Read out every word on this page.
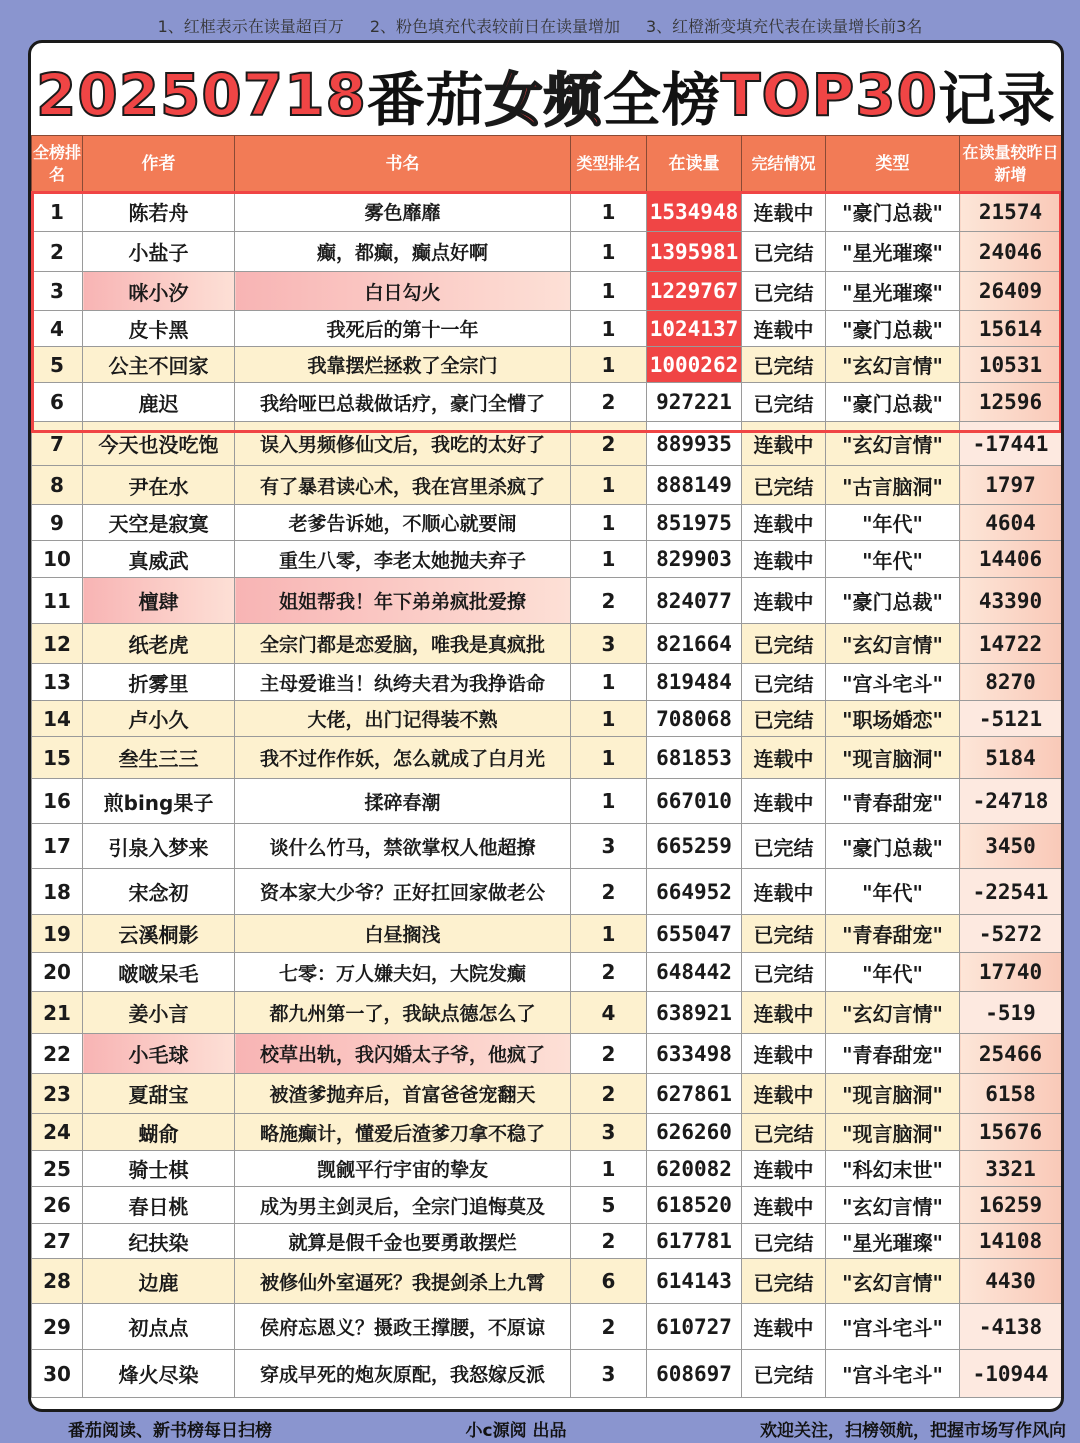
1、红框表示在读量超百万 2、粉色填充代表较前日在读量增加 3、红橙渐变填充代表在读量增长前3名
20250718 番茄 女频 全榜 TOP30 记录
全榜排名	作者	书名	类型排名	在读量	完结情况	类型	在读量较昨日新增
1	陈若舟	雾色靡靡	1	1534948	连载中	"豪门总裁"	21574
2	小盐子	癫，都癫，癫点好啊	1	1395981	已完结	"星光璀璨"	24046
3	咪小汐	白日勾火	1	1229767	已完结	"星光璀璨"	26409
4	皮卡黑	我死后的第十一年	1	1024137	连载中	"豪门总裁"	15614
5	公主不回家	我靠摆烂拯救了全宗门	1	1000262	已完结	"玄幻言情"	10531
6	鹿迟	我给哑巴总裁做话疗，豪门全懵了	2	927221	已完结	"豪门总裁"	12596
7	今天也没吃饱	误入男频修仙文后，我吃的太好了	2	889935	连载中	"玄幻言情"	-17441
8	尹在水	有了暴君读心术，我在宫里杀疯了	1	888149	已完结	"古言脑洞"	1797
9	天空是寂寞	老爹告诉她，不顺心就要闹	1	851975	连载中	"年代"	4604
10	真威武	重生八零，李老太她抛夫弃子	1	829903	连载中	"年代"	14406
11	檀肆	姐姐帮我！年下弟弟疯批爱撩	2	824077	连载中	"豪门总裁"	43390
12	纸老虎	全宗门都是恋爱脑，唯我是真疯批	3	821664	已完结	"玄幻言情"	14722
13	折雾里	主母爱谁当！纨绔夫君为我挣诰命	1	819484	已完结	"宫斗宅斗"	8270
14	卢小久	大佬，出门记得装不熟	1	708068	已完结	"职场婚恋"	-5121
15	叁生三三	我不过作作妖，怎么就成了白月光	1	681853	连载中	"现言脑洞"	5184
16	煎bing果子	揉碎春潮	1	667010	连载中	"青春甜宠"	-24718
17	引泉入梦来	谈什么竹马，禁欲掌权人他超撩	3	665259	已完结	"豪门总裁"	3450
18	宋念初	资本家大少爷？正好扛回家做老公	2	664952	连载中	"年代"	-22541
19	云溪桐影	白昼搁浅	1	655047	已完结	"青春甜宠"	-5272
20	啵啵呆毛	七零：万人嫌夫妇，大院发癫	2	648442	已完结	"年代"	17740
21	姜小言	都九州第一了，我缺点德怎么了	4	638921	连载中	"玄幻言情"	-519
22	小毛球	校草出轨，我闪婚太子爷，他疯了	2	633498	连载中	"青春甜宠"	25466
23	夏甜宝	被渣爹抛弃后，首富爸爸宠翻天	2	627861	连载中	"现言脑洞"	6158
24	蝴俞	略施癫计，懂爱后渣爹刀拿不稳了	3	626260	已完结	"现言脑洞"	15676
25	骑士棋	觊觎平行宇宙的挚友	1	620082	连载中	"科幻末世"	3321
26	春日桃	成为男主剑灵后，全宗门追悔莫及	5	618520	连载中	"玄幻言情"	16259
27	纪扶染	就算是假千金也要勇敢摆烂	2	617781	已完结	"星光璀璨"	14108
28	边鹿	被修仙外室逼死？我提剑杀上九霄	6	614143	已完结	"玄幻言情"	4430
29	初点点	侯府忘恩义？摄政王撑腰，不原谅	2	610727	连载中	"宫斗宅斗"	-4138
30	烽火尽染	穿成早死的炮灰原配，我怒嫁反派	3	608697	已完结	"宫斗宅斗"	-10944
番茄阅读、新书榜每日扫榜	小c源阅 出品	欢迎关注，扫榜领航，把握市场写作风向
